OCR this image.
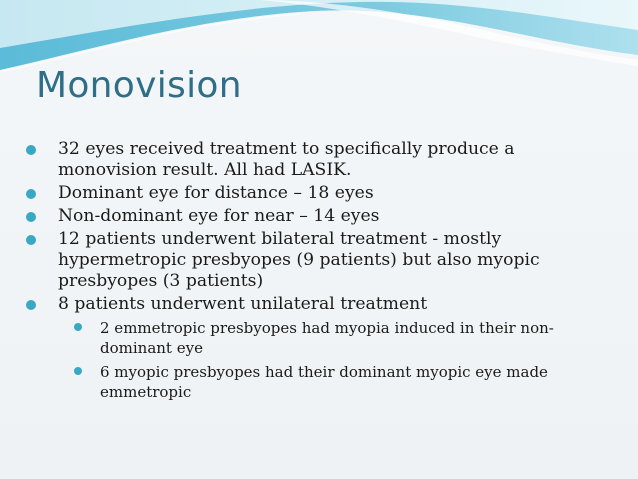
Monovision
32 eyes received treatment to specifically produce a monovision result. All had LASIK.
Dominant eye for distance – 18 eyes
Non-dominant eye for near – 14 eyes
12 patients underwent bilateral treatment - mostly hypermetropic presbyopes (9 patients) but also myopic presbyopes (3 patients)
8 patients underwent unilateral treatment
2 emmetropic presbyopes had myopia induced in their non-dominant eye
6 myopic presbyopes had their dominant myopic eye made emmetropic
